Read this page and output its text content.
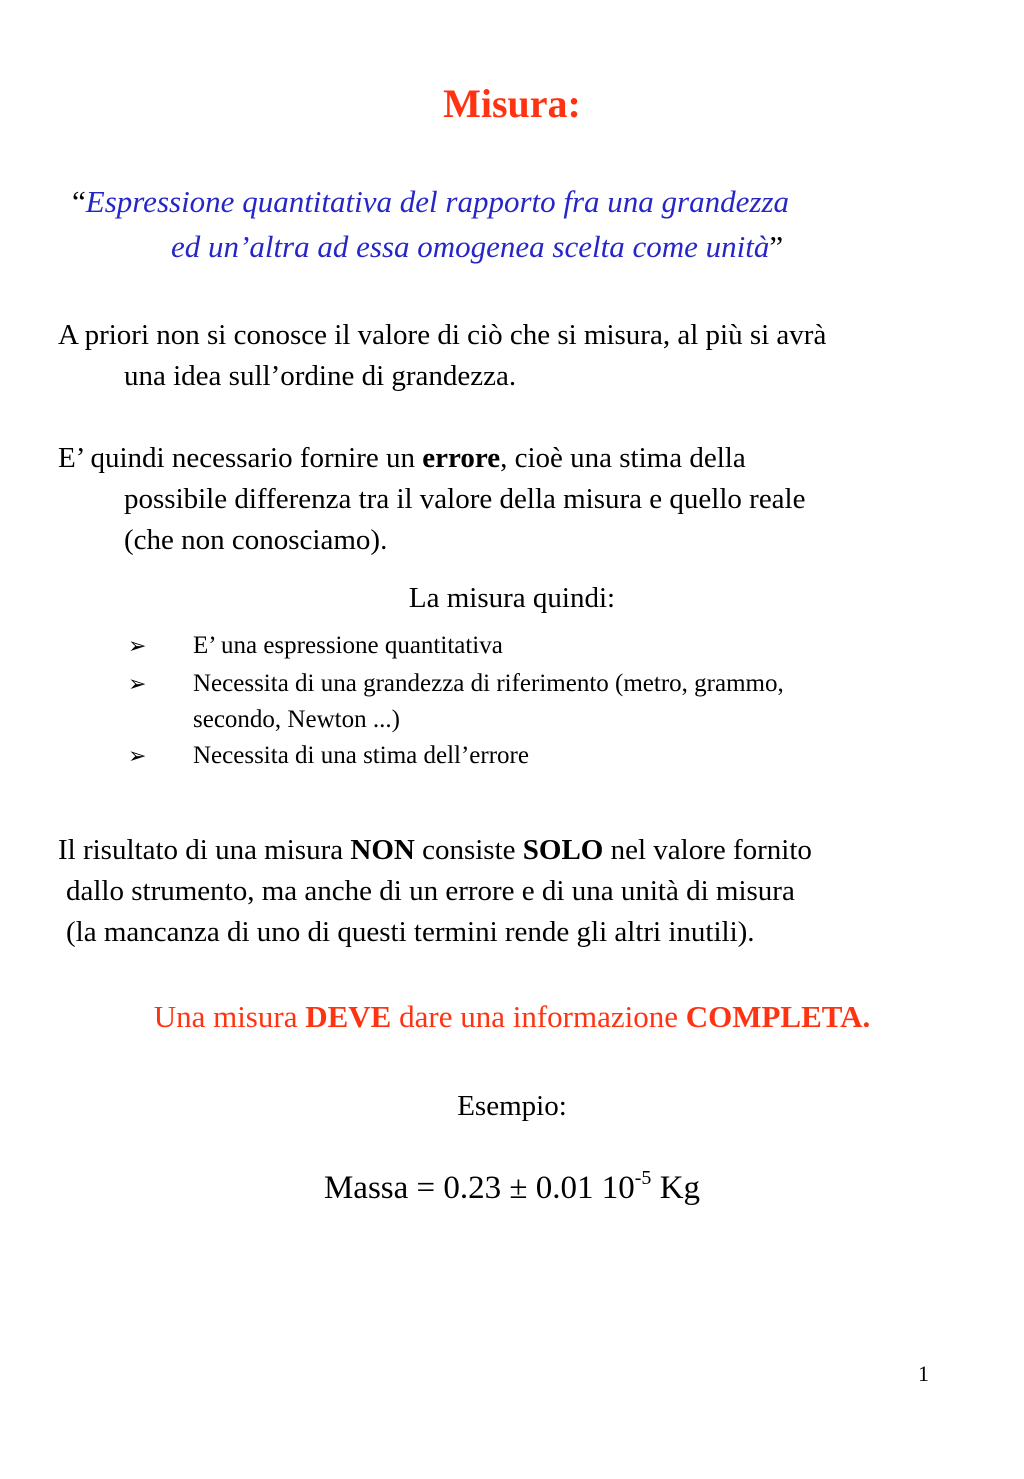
Misura:
“Espressione quantitativa del rapporto fra una grandezza
ed un’altra ad essa omogenea scelta come unità”
A priori non si conosce il valore di ciò che si misura, al più si avrà
una idea sull’ordine di grandezza.
E’ quindi necessario fornire un errore, cioè una stima della
possibile differenza tra il valore della misura e quello reale
(che non conosciamo).
La misura quindi:
➢ E’ una espressione quantitativa
➢ Necessita di una grandezza di riferimento (metro, grammo,
secondo, Newton ...)
➢ Necessita di una stima dell’errore
Il risultato di una misura NON consiste SOLO nel valore fornito
dallo strumento, ma anche di un errore e di una unità di misura
(la mancanza di uno di questi termini rende gli altri inutili).
Una misura DEVE dare una informazione COMPLETA.
Esempio:
Massa = 0.23 ± 0.01 $10^{-5}$ Kg
1
